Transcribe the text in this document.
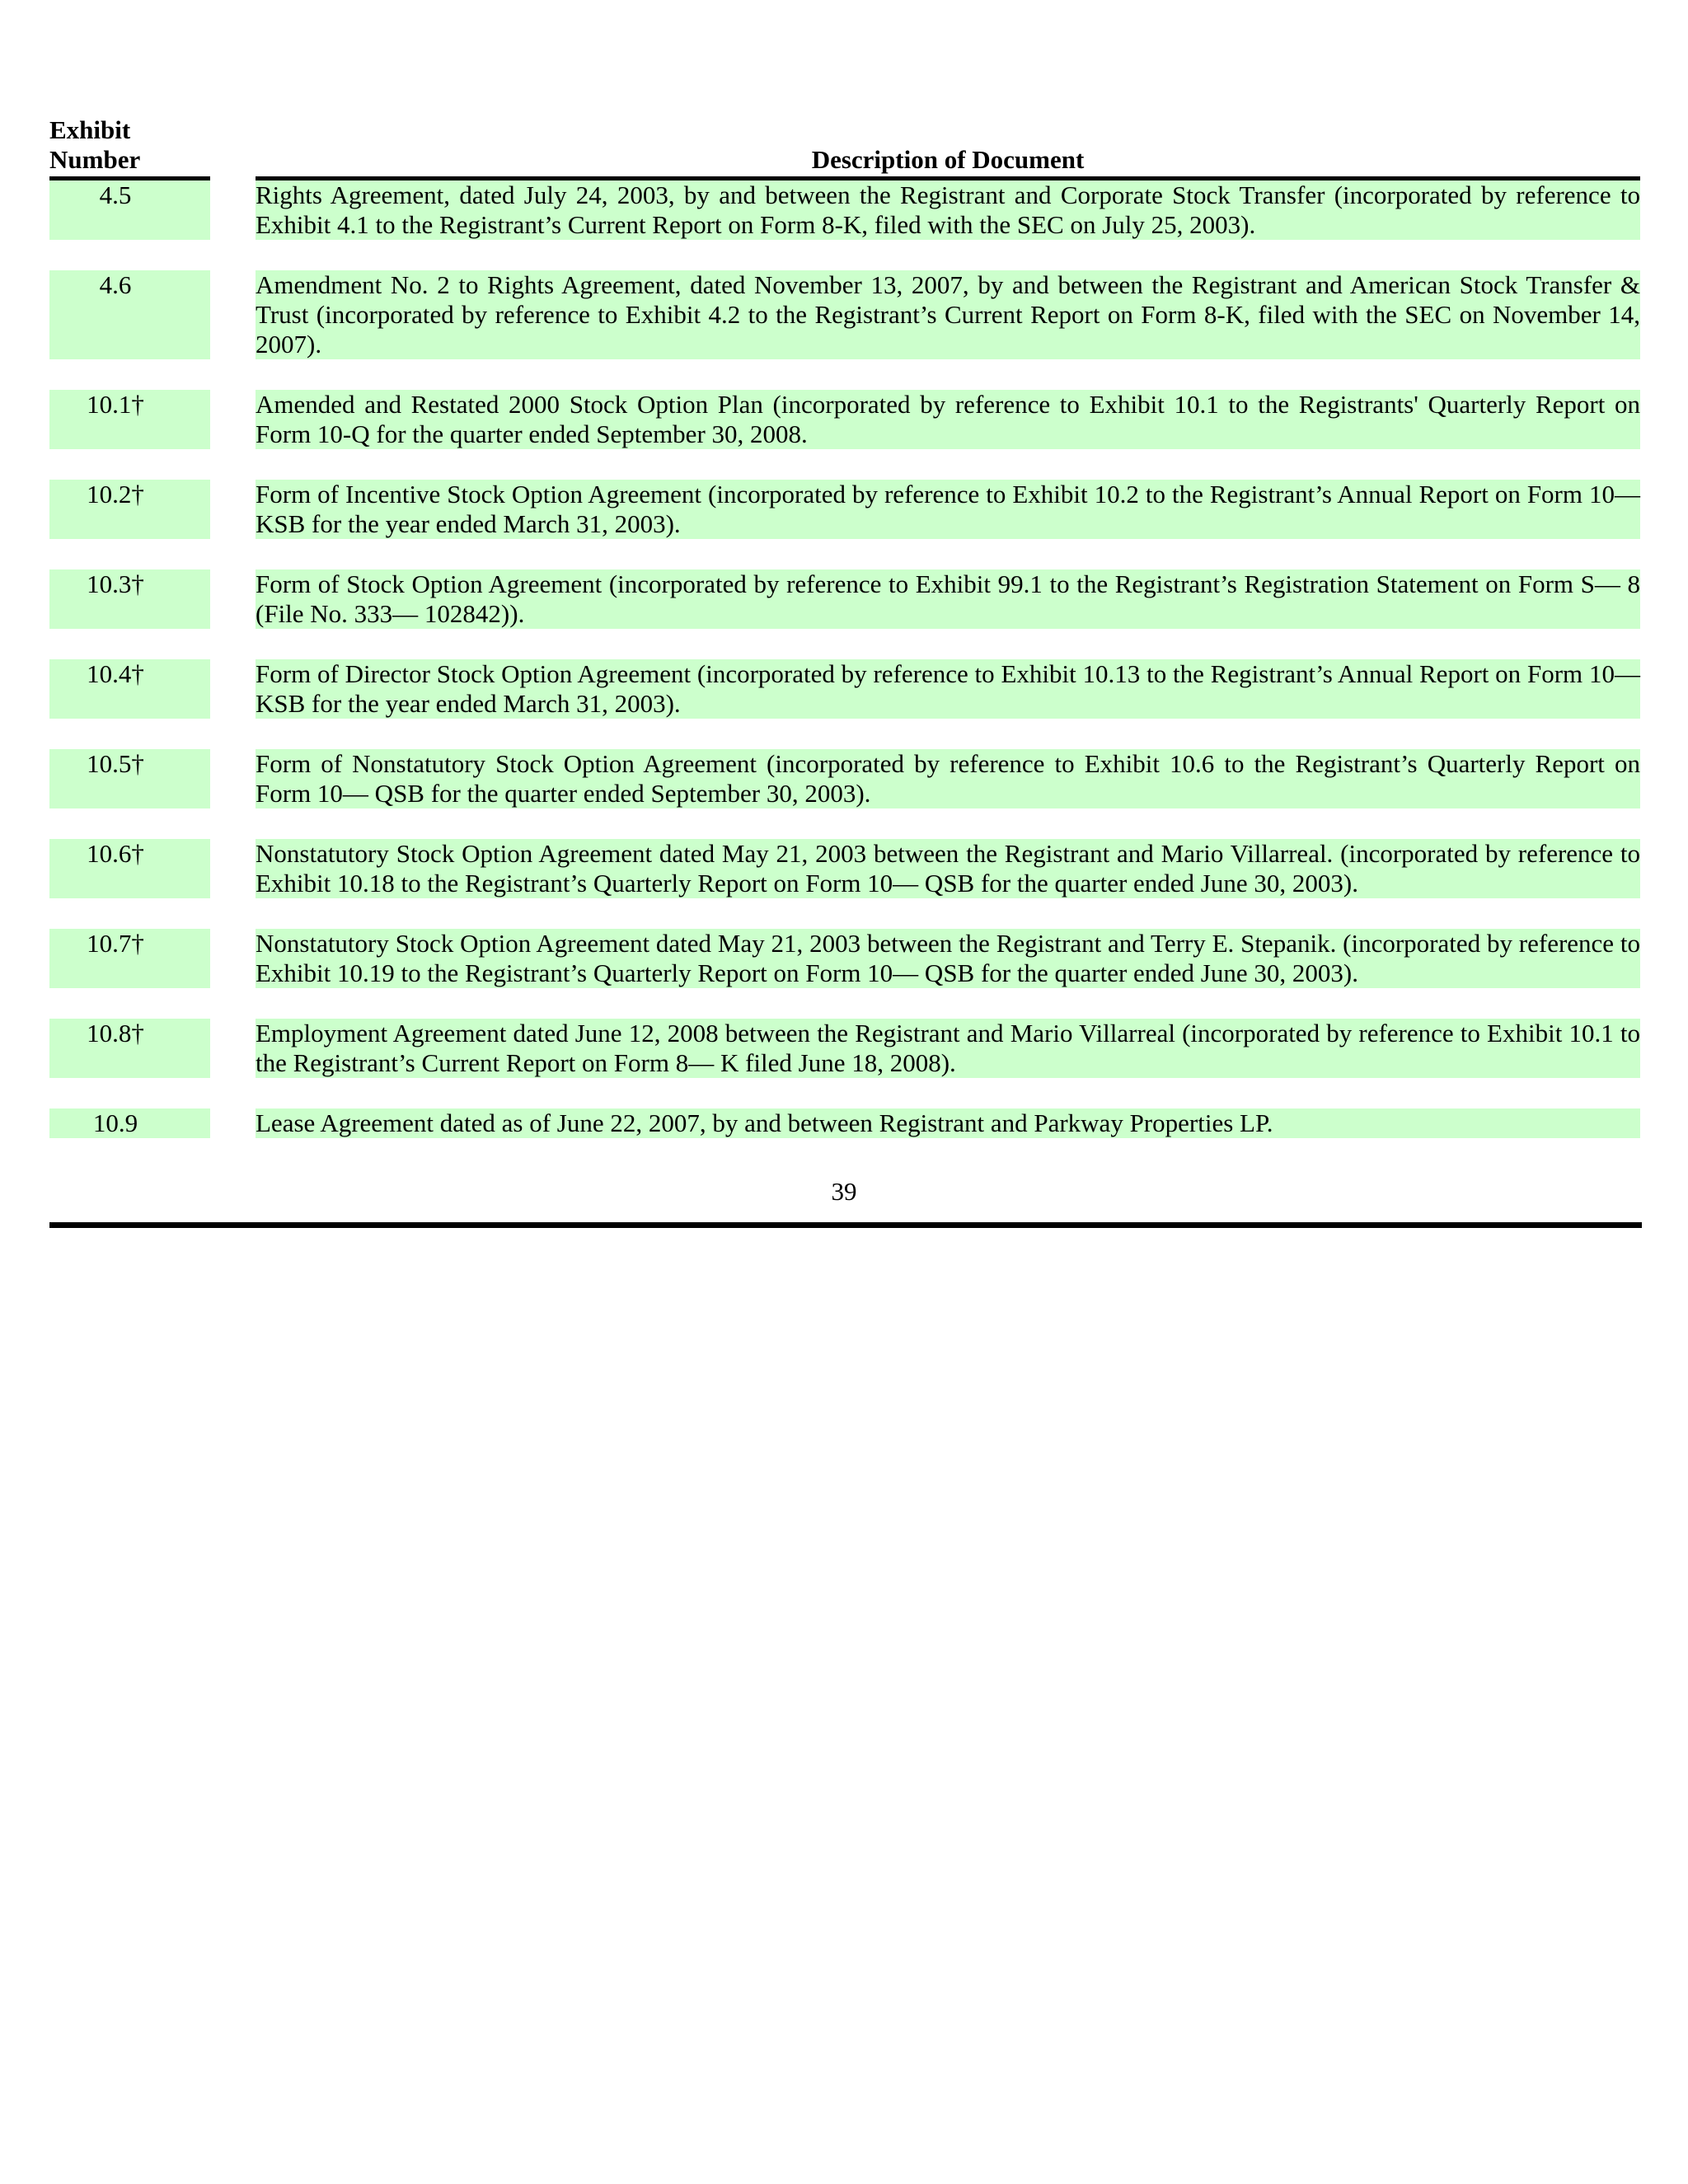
Exhibit
Number	Description of Document
4.5	Rights Agreement, dated July 24, 2003, by and between the Registrant and Corporate Stock Transfer (incorporated by reference to Exhibit 4.1 to the Registrant’s Current Report on Form 8-K, filed with the SEC on July 25, 2003).
4.6	Amendment No. 2 to Rights Agreement, dated November 13, 2007, by and between the Registrant and American Stock Transfer & Trust (incorporated by reference to Exhibit 4.2 to the Registrant’s Current Report on Form 8-K, filed with the SEC on November 14, 2007).
10.1†	Amended and Restated 2000 Stock Option Plan (incorporated by reference to Exhibit 10.1 to the Registrants' Quarterly Report on Form 10-Q for the quarter ended September 30, 2008.
10.2†	Form of Incentive Stock Option Agreement (incorporated by reference to Exhibit 10.2 to the Registrant’s Annual Report on Form 10— KSB for the year ended March 31, 2003).
10.3†	Form of Stock Option Agreement (incorporated by reference to Exhibit 99.1 to the Registrant’s Registration Statement on Form S— 8 (File No. 333— 102842)).
10.4†	Form of Director Stock Option Agreement (incorporated by reference to Exhibit 10.13 to the Registrant’s Annual Report on Form 10— KSB for the year ended March 31, 2003).
10.5†	Form of Nonstatutory Stock Option Agreement (incorporated by reference to Exhibit 10.6 to the Registrant’s Quarterly Report on Form 10— QSB for the quarter ended September 30, 2003).
10.6†	Nonstatutory Stock Option Agreement dated May 21, 2003 between the Registrant and Mario Villarreal. (incorporated by reference to Exhibit 10.18 to the Registrant’s Quarterly Report on Form 10— QSB for the quarter ended June 30, 2003).
10.7†	Nonstatutory Stock Option Agreement dated May 21, 2003 between the Registrant and Terry E. Stepanik. (incorporated by reference to Exhibit 10.19 to the Registrant’s Quarterly Report on Form 10— QSB for the quarter ended June 30, 2003).
10.8†	Employment Agreement dated June 12, 2008 between the Registrant and Mario Villarreal (incorporated by reference to Exhibit 10.1 to the Registrant’s Current Report on Form 8— K filed June 18, 2008).
10.9	Lease Agreement dated as of June 22, 2007, by and between Registrant and Parkway Properties LP.
39
